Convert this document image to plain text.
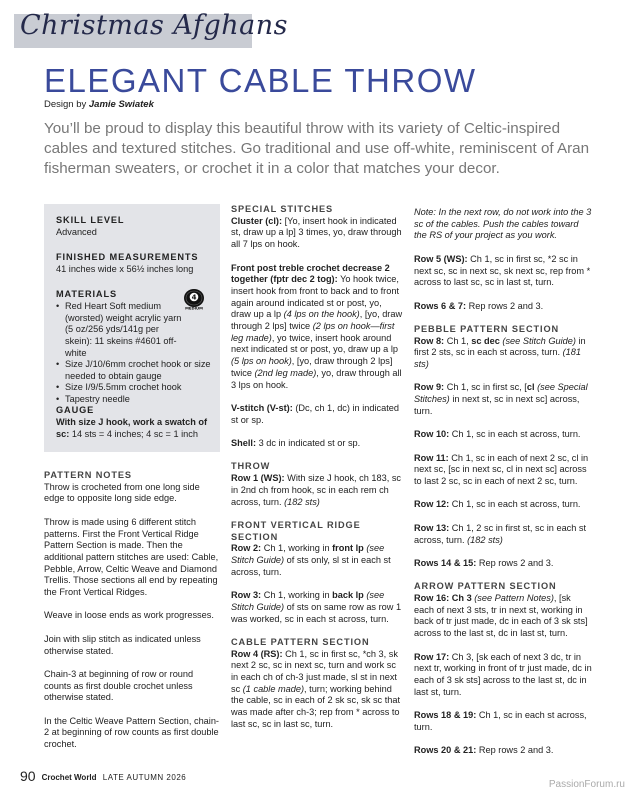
Christmas Afghans
ELEGANT CABLE THROW
Design by Jamie Swiatek
You’ll be proud to display this beautiful throw with its variety of Celtic-inspired cables and textured stitches. Go traditional and use off-white, reminiscent of Aran fisherman sweaters, or crochet it in a color that matches your decor.
SKILL LEVEL
Advanced
FINISHED MEASUREMENTS
41 inches wide x 56½ inches long
MATERIALS
• Red Heart Soft medium (worsted) weight acrylic yarn (5 oz/256 yds/141g per skein): 11 skeins #4601 off-white
• Size J/10/6mm crochet hook or size needed to obtain gauge
• Size I/9/5.5mm crochet hook
• Tapestry needle
4
MEDIUM
GAUGE
With size J hook, work a swatch of sc: 14 sts = 4 inches; 4 sc = 1 inch
PATTERN NOTES

Throw is crocheted from one long side edge to opposite long side edge.

Throw is made using 6 different stitch patterns. First the Front Vertical Ridge Pattern Section is made. Then the additional pattern stitches are used: Cable, Pebble, Arrow, Celtic Weave and Diamond Trellis. Those sections all end by repeating the Front Vertical Ridges.

Weave in loose ends as work progresses.

Join with slip stitch as indicated unless otherwise stated.

Chain-3 at beginning of row or round counts as first double crochet unless otherwise stated.

In the Celtic Weave Pattern Section, chain-2 at beginning of row counts as first double crochet.

SPECIAL STITCHES

Cluster (cl): [Yo, insert hook in indicated st, draw up a lp] 3 times, yo, draw through all 7 lps on hook.

Front post treble crochet decrease 2 together (fptr dec 2 tog): Yo hook twice, insert hook from front to back and to front again around indicated st or post, yo, draw up a lp (4 lps on the hook), [yo, draw through 2 lps] twice (2 lps on hook—first leg made), yo twice, insert hook around next indicated st or post, yo, draw up a lp (5 lps on hook), [yo, draw through 2 lps] twice (2nd leg made), yo, draw through all 3 lps on hook.

V-stitch (V-st): (Dc, ch 1, dc) in indicated st or sp.

Shell: 3 dc in indicated st or sp.

THROW

Row 1 (WS): With size J hook, ch 183, sc in 2nd ch from hook, sc in each rem ch across, turn. (182 sts)

FRONT VERTICAL RIDGE SECTION

Row 2: Ch 1, working in front lp (see Stitch Guide) of sts only, sl st in each st across, turn.

Row 3: Ch 1, working in back lp (see Stitch Guide) of sts on same row as row 1 was worked, sc in each st across, turn.

CABLE PATTERN SECTION

Row 4 (RS): Ch 1, sc in first sc, *ch 3, sk next 2 sc, sc in next sc, turn and work sc in each ch of ch-3 just made, sl st in next sc (1 cable made), turn; working behind the cable, sc in each of 2 sk sc, sk sc that was made after ch-3; rep from * across to last sc, sc in last sc, turn.

Note: In the next row, do not work into the 3 sc of the cables. Push the cables toward the RS of your project as you work.

Row 5 (WS): Ch 1, sc in first sc, *2 sc in next sc, sc in next sc, sk next sc, rep from * across to last sc, sc in last st, turn.

Rows 6 & 7: Rep rows 2 and 3.

PEBBLE PATTERN SECTION

Row 8: Ch 1, sc dec (see Stitch Guide) in first 2 sts, sc in each st across, turn. (181 sts)

Row 9: Ch 1, sc in first sc, [cl (see Special Stitches) in next st, sc in next sc] across, turn.

Row 10: Ch 1, sc in each st across, turn.

Row 11: Ch 1, sc in each of next 2 sc, cl in next sc, [sc in next sc, cl in next sc] across to last 2 sc, sc in each of next 2 sc, turn.

Row 12: Ch 1, sc in each st across, turn.

Row 13: Ch 1, 2 sc in first st, sc in each st across, turn. (182 sts)

Rows 14 & 15: Rep rows 2 and 3.

ARROW PATTERN SECTION

Row 16: Ch 3 (see Pattern Notes), [sk each of next 3 sts, tr in next st, working in back of tr just made, dc in each of 3 sk sts] across to the last st, dc in last st, turn.

Row 17: Ch 3, [sk each of next 3 dc, tr in next tr, working in front of tr just made, dc in each of 3 sk sts] across to the last st, dc in last st, turn.

Rows 18 & 19: Ch 1, sc in each st across, turn.

Rows 20 & 21: Rep rows 2 and 3.

90 Crochet World LATE AUTUMN 2026
PassionForum.ru
